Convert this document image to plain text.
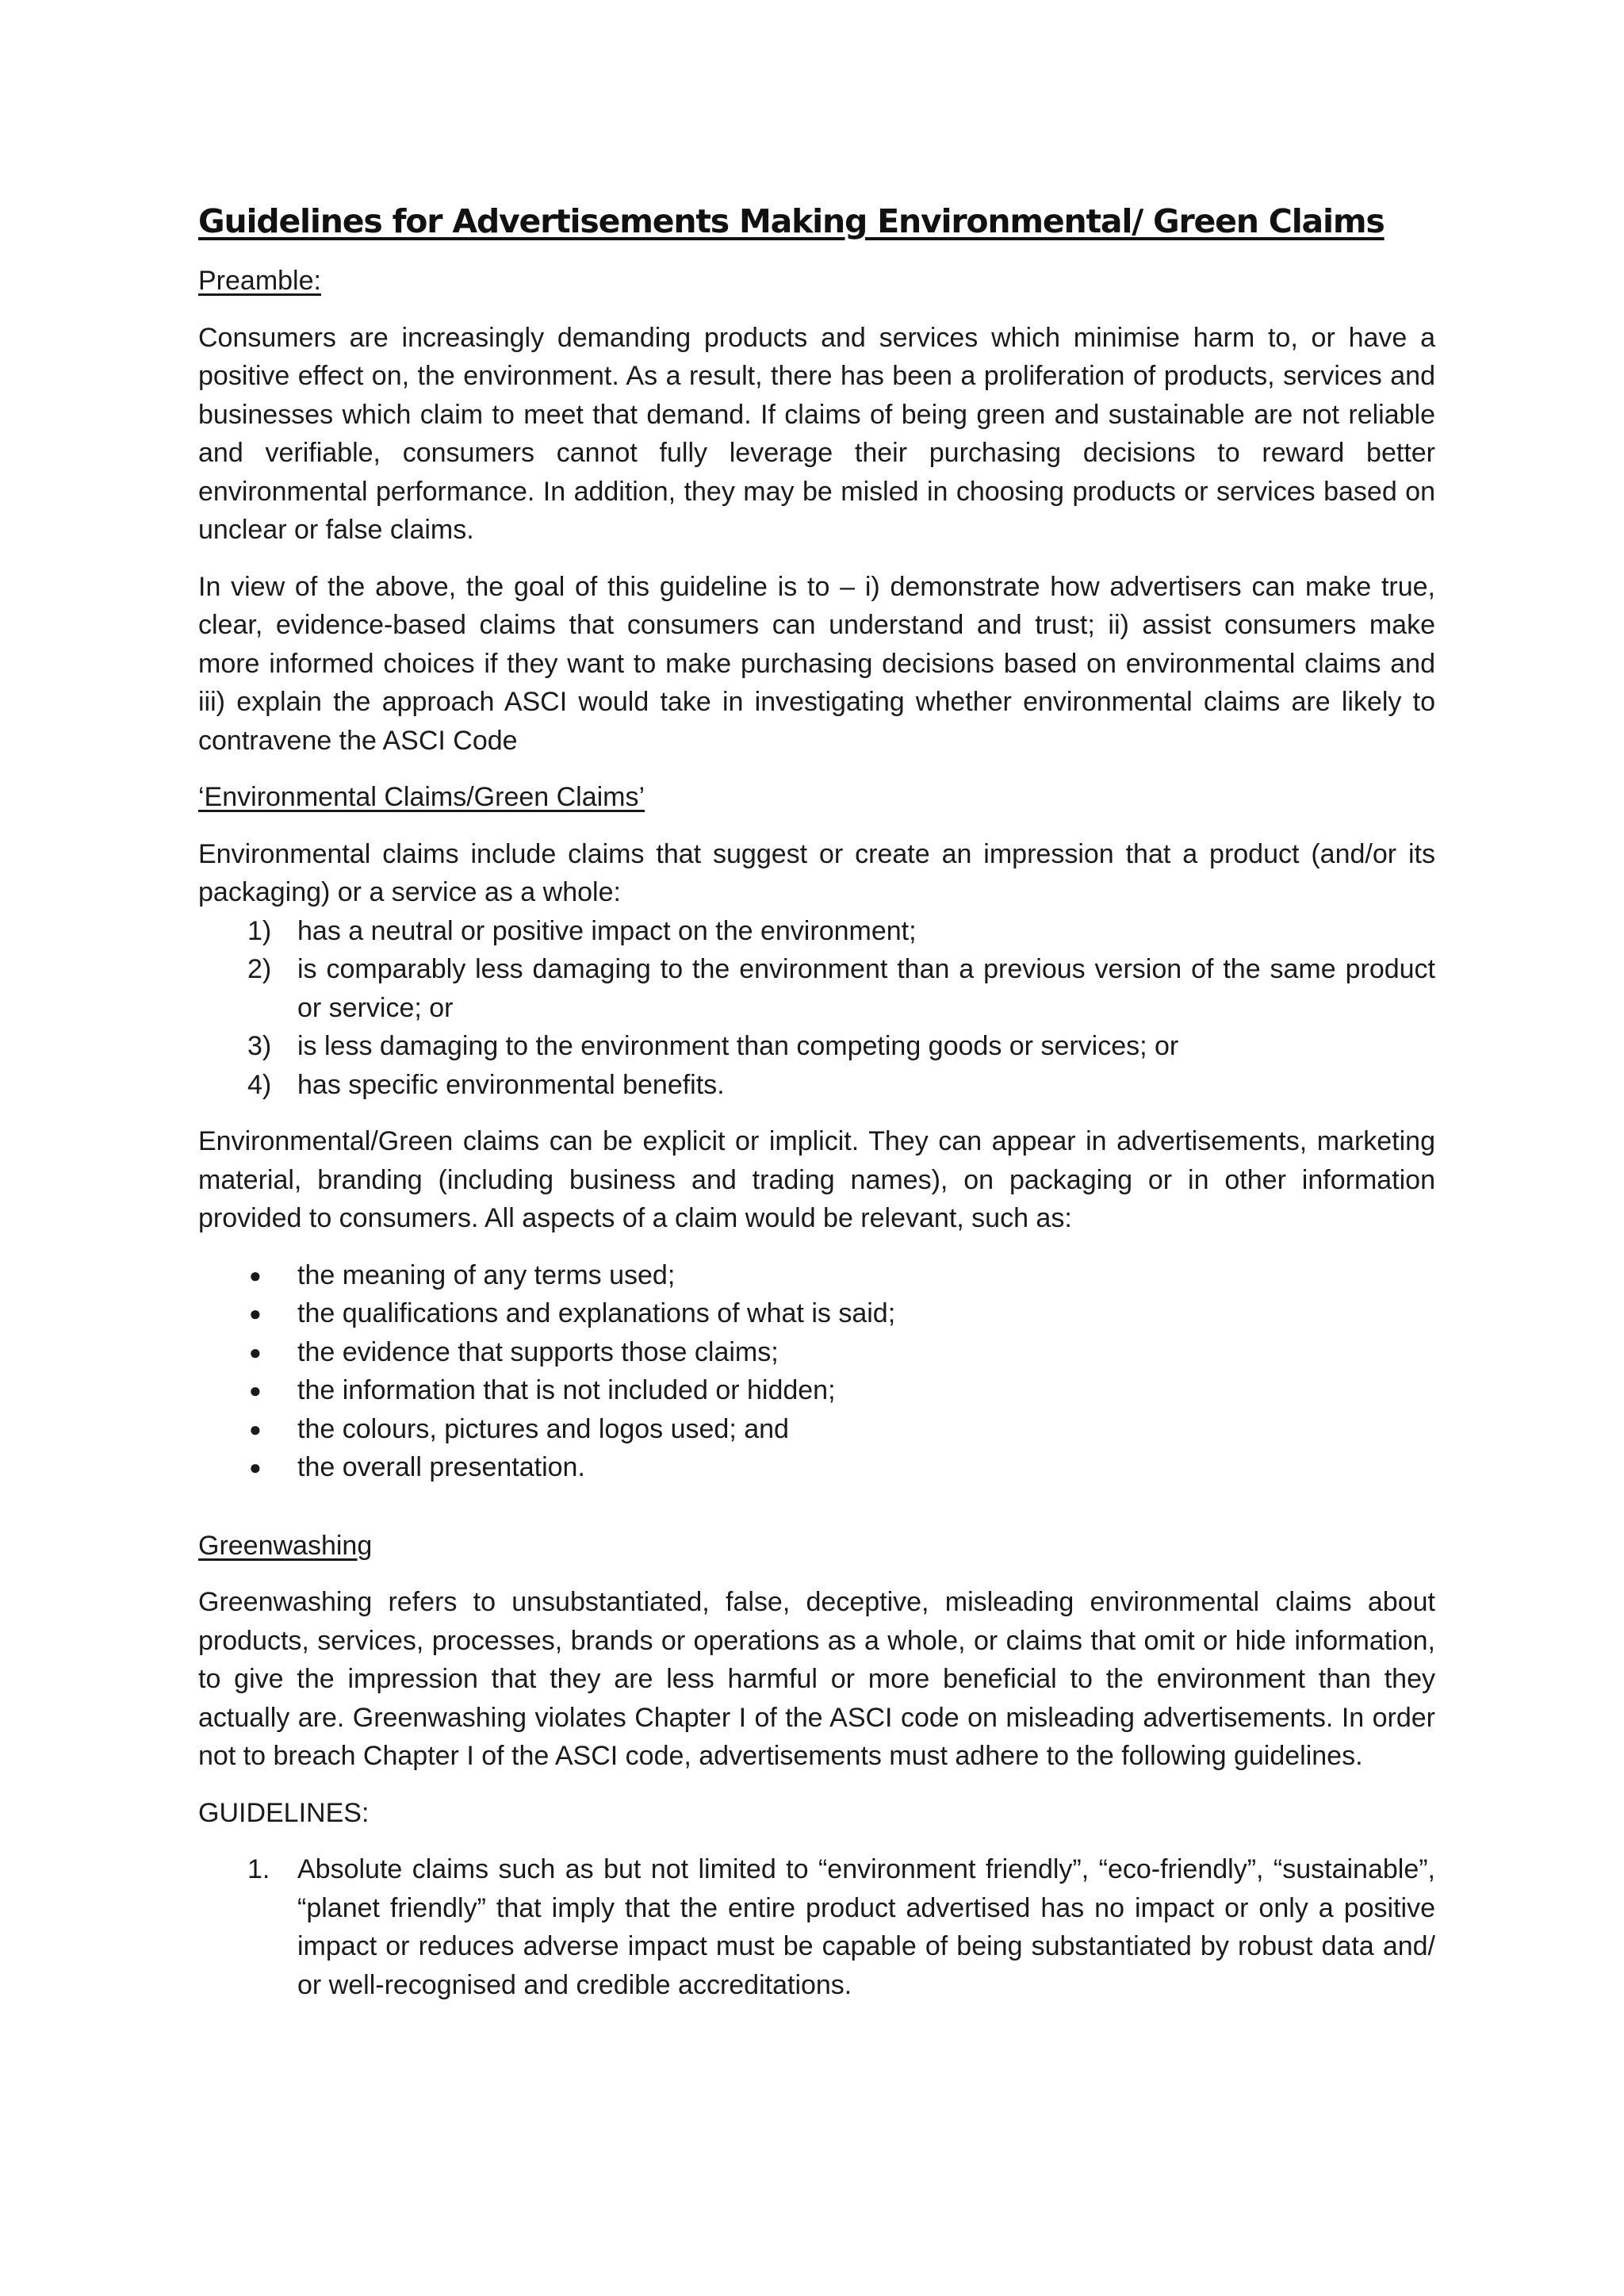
Guidelines for Advertisements Making Environmental/ Green Claims
Preamble:

Consumers are increasingly demanding products and services which minimise harm to, or have a positive effect on, the environment. As a result, there has been a proliferation of products, services and businesses which claim to meet that demand. If claims of being green and sustainable are not reliable and verifiable, consumers cannot fully leverage their purchasing decisions to reward better environmental performance. In addition, they may be misled in choosing products or services based on unclear or false claims.

In view of the above, the goal of this guideline is to – i) demonstrate how advertisers can make true, clear, evidence-based claims that consumers can understand and trust; ii) assist consumers make more informed choices if they want to make purchasing decisions based on environmental claims and iii) explain the approach ASCI would take in investigating whether environmental claims are likely to contravene the ASCI Code

‘Environmental Claims/Green Claims’

Environmental claims include claims that suggest or create an impression that a product (and/or its packaging) or a service as a whole:

1) has a neutral or positive impact on the environment;
2) is comparably less damaging to the environment than a previous version of the same product or service; or
3) is less damaging to the environment than competing goods or services; or
4) has specific environmental benefits.

Environmental/Green claims can be explicit or implicit. They can appear in advertisements, marketing material, branding (including business and trading names), on packaging or in other information provided to consumers. All aspects of a claim would be relevant, such as:

● the meaning of any terms used;
● the qualifications and explanations of what is said;
● the evidence that supports those claims;
● the information that is not included or hidden;
● the colours, pictures and logos used; and
● the overall presentation.
Greenwashing

Greenwashing refers to unsubstantiated, false, deceptive, misleading environmental claims about products, services, processes, brands or operations as a whole, or claims that omit or hide information, to give the impression that they are less harmful or more beneficial to the environment than they actually are. Greenwashing violates Chapter I of the ASCI code on misleading advertisements. In order not to breach Chapter I of the ASCI code, advertisements must adhere to the following guidelines.

GUIDELINES:
1. Absolute claims such as but not limited to “environment friendly”, “eco-friendly”, “sustainable”, “planet friendly” that imply that the entire product advertised has no impact or only a positive impact or reduces adverse impact must be capable of being substantiated by robust data and/ or well-recognised and credible accreditations.
